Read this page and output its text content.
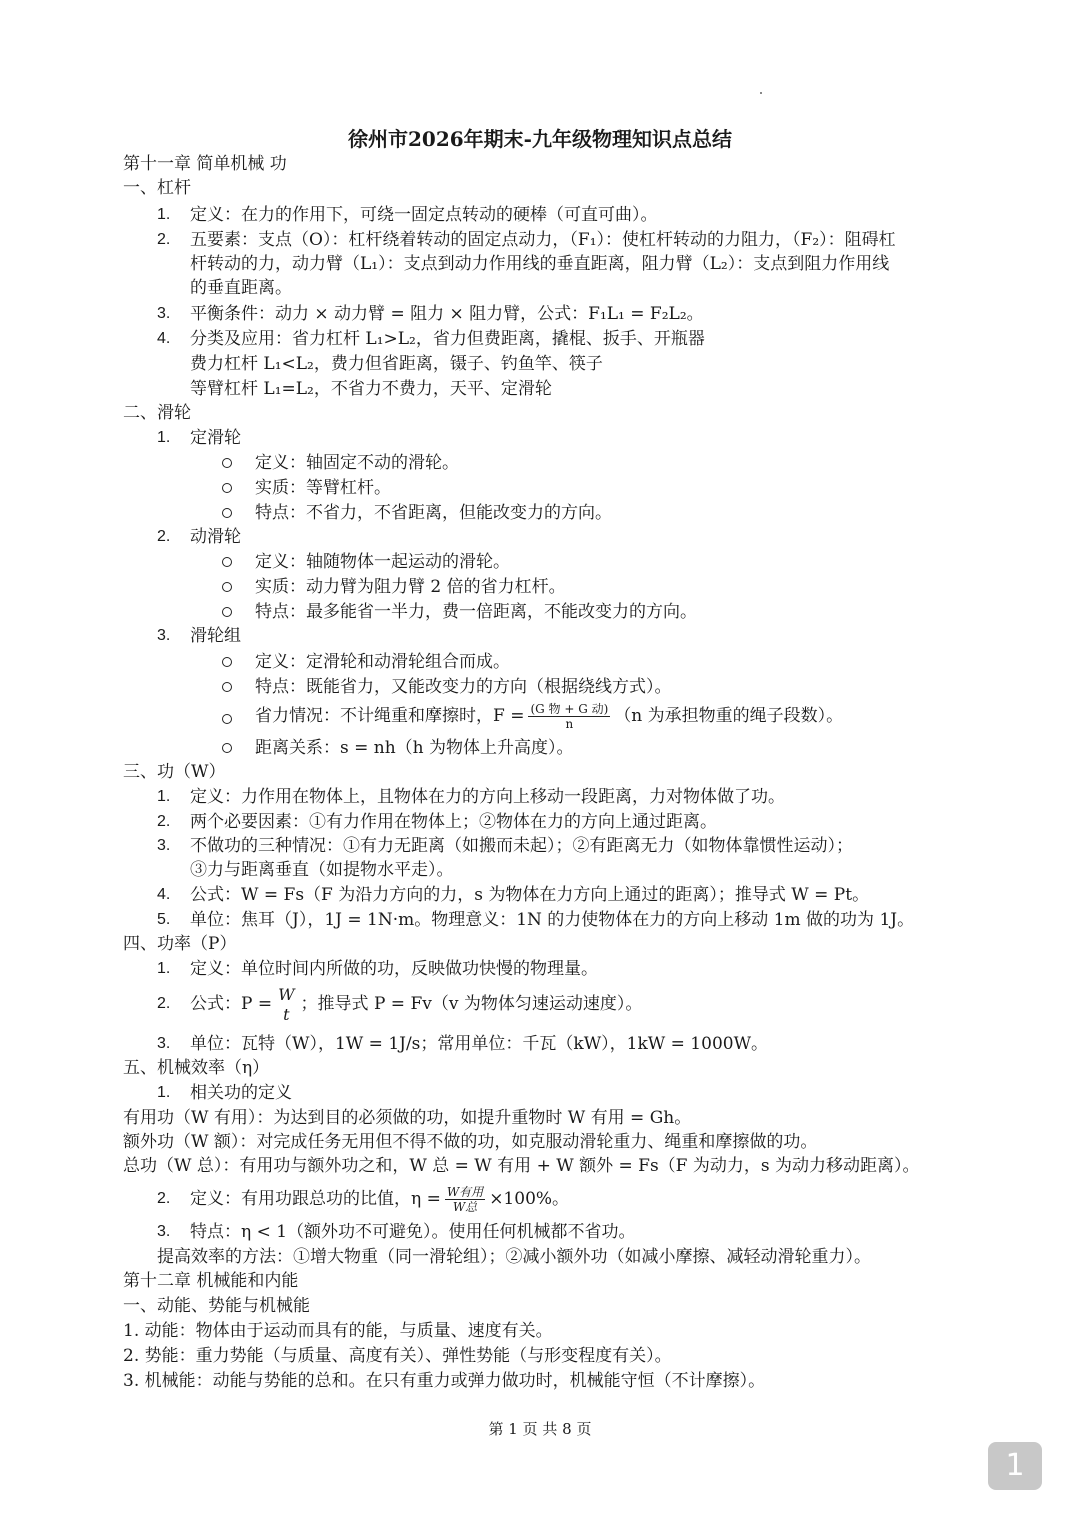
徐州市2026年期末-九年级物理知识点总结
第十一章 简单机械 功
一、杠杆
1.	定义：在力的作用下，可绕一固定点转动的硬棒（可直可曲）。
2.	五要素：支点（O）：杠杆绕着转动的固定点动力，（F₁）：使杠杆转动的力阻力，（F₂）：阻碍杠
杆转动的力，动力臂（L₁）：支点到动力作用线的垂直距离，阻力臂（L₂）：支点到阻力作用线
的垂直距离。
3.	平衡条件：动力 × 动力臂 = 阻力 × 阻力臂，公式：F₁L₁ = F₂L₂。
4.	分类及应用：省力杠杆 L₁>L₂，省力但费距离，撬棍、扳手、开瓶器
费力杠杆 L₁<L₂，费力但省距离，镊子、钓鱼竿、筷子
等臂杠杆 L₁=L₂，不省力不费力，天平、定滑轮
二、滑轮
1.	定滑轮
定义：轴固定不动的滑轮。
实质：等臂杠杆。
特点：不省力，不省距离，但能改变力的方向。
2.	动滑轮
定义：轴随物体一起运动的滑轮。
实质：动力臂为阻力臂 2 倍的省力杠杆。
特点：最多能省一半力，费一倍距离，不能改变力的方向。
3.	滑轮组
定义：定滑轮和动滑轮组合而成。
特点：既能省力，又能改变力的方向（根据绕线方式）。
省力情况：不计绳重和摩擦时，$F = \frac{\text{(G 物 + G 动)}}{n} (n$ 为承担物重的绳子段数）。
距离关系：s = nh（h 为物体上升高度）。
三、功（W）
1.	定义：力作用在物体上，且物体在力的方向上移动一段距离，力对物体做了功。
2.	两个必要因素：①有力作用在物体上；②物体在力的方向上通过距离。
3.	不做功的三种情况：①有力无距离（如搬而未起）；②有距离无力（如物体靠惯性运动）；
③力与距离垂直（如提物水平走）。
4.	公式：W = Fs（F 为沿力方向的力，s 为物体在力方向上通过的距离）；推导式 W = Pt。
5.	单位：焦耳（J），1J = 1N·m。物理意义：1N 的力使物体在力的方向上移动 1m 做的功为 1J。
四、功率（P）
1.	定义：单位时间内所做的功，反映做功快慢的物理量。
2.	公式：P = W
t ；推导式 P = Fv（v 为物体匀速运动速度）。
3.	单位：瓦特（W），1W = 1J/s；常用单位：千瓦（kW），1kW = 1000W。
五、机械效率（η）
1.	相关功的定义
有用功（W 有用）：为达到目的必须做的功，如提升重物时 W 有用 = Gh。
额外功（W 额）：对完成任务无用但不得不做的功，如克服动滑轮重力、绳重和摩擦做的功。
总功（W 总）：有用功与额外功之和，W 总 = W 有用 + W 额外 = Fs（F 为动力，s 为动力移动距离）。
2.	定义：有用功跟总功的比值，$\eta = \frac{\text{W有用}}{\text{W总}} \times 100\%$。
3.	特点：η < 1（额外功不可避免）。使用任何机械都不省功。
提高效率的方法：①增大物重（同一滑轮组）；②减小额外功（如减小摩擦、减轻动滑轮重力）。
第十二章 机械能和内能
一、动能、势能与机械能
1. 动能：物体由于运动而具有的能，与质量、速度有关。
2. 势能：重力势能（与质量、高度有关）、弹性势能（与形变程度有关）。
3. 机械能：动能与势能的总和。在只有重力或弹力做功时，机械能守恒（不计摩擦）。
第 1 页 共 8 页
1
